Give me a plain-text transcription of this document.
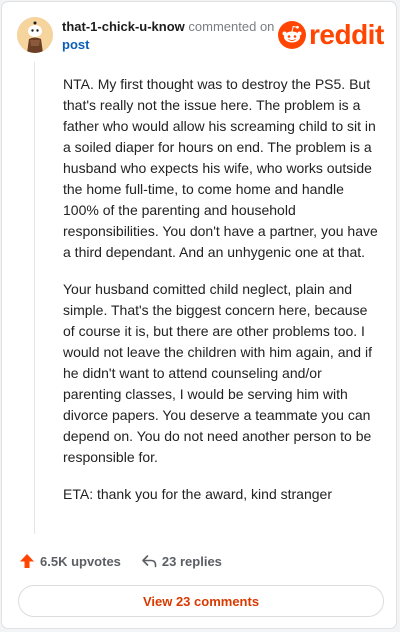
that-1-chick-u-know commented on
post	reddit

NTA. My first thought was to destroy the PS5. But that's really not the issue here. The problem is a father who would allow his screaming child to sit in a soiled diaper for hours on end. The problem is a husband who expects his wife, who works outside the home full-time, to come home and handle 100% of the parenting and household responsibilities. You don't have a partner, you have a third dependant. And an unhygenic one at that.

Your husband comitted child neglect, plain and simple. That's the biggest concern here, because of course it is, but there are other problems too. I would not leave the children with him again, and if he didn't want to attend counseling and/or parenting classes, I would be serving him with divorce papers. You deserve a teammate you can depend on. You do not need another person to be responsible for.

ETA: thank you for the award, kind stranger

6.5K upvotes	23 replies
View 23 comments
